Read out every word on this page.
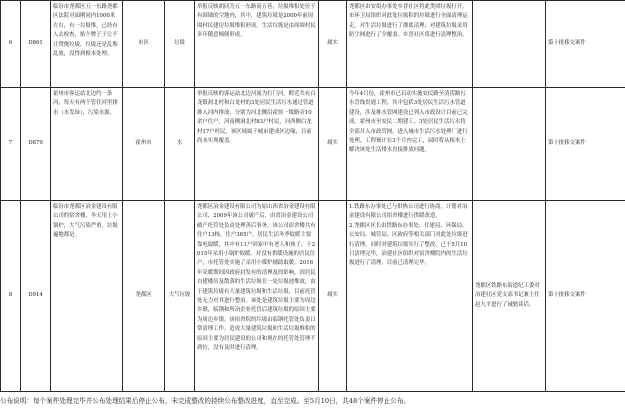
6	D861	临汾市尧都区五一东路尧都区法院对面刚同内1000米左右，有一垃圾堆，已经有人去检查，贴个牌子子让不让焚烧垃圾，垃圾还是乱堆乱放，没得到根本处理。	市区	垃圾	举报反映胡同为五一东路南五巷，垃圾堆积处位于有围墙的空地内，其中，建筑垃圾是2000年前周围村民建房垃圾堆积形成，生活垃圾是由周围村民多年随意倾倒形成。	属实	尧都区由安街办事处乡晋社区将此类团垃圾打开，市环卫局组织对此处垃圾积的垃圾进行全面清理运走，对生活垃圾进行了彻底清理；对建筑垃圾采用防尘网进行了全覆盖。乡晋社区将进行清理整治。		第十批移交案件
7	D879	霍州市客运站北边约一条河，每天有两个管住河里排水（水发绿），污染水源。	霍州市	水	举报反映的客运站北边河流为打门河，附近共有白龙镇洞北村和白龙村的3处居民生活污水通过管道排入河内排放，分别为河北侧沿霍侯一级路旁10余户住户，河南侧洞北村83户村民，河西侧白龙村17户村民，该区域属于城市建成区边缘，目前尚未实现覆盖。	属实	今年4月份，霍州市已启动实施安民路至清涝路污水管线贯通工程，其中包括3处居民生活污水管道建设，涉及排水管网建设已列入市政设计目前已完成。霍州市至安民二期建工，3处居民生活污水将全部并入市政管网，进入城市生活污水处理厂进行处理。工程预计在3个月内完工，届时将从根本上解决该处生活排水直接排放问题。		第十批移交案件
8	D914	临汾市尧都区冶金建设有限公司的宿舍楼，冬天用土小锅炉，大气污染严重，垃圾遍地都是。	尧都区	大气垃圾	尧都区冶金建设有限公司为原山西省冶金建设有限公司，2009年该公司破产后，由省冶金建设公司破产托管处负责处理善后事务。该公司宿舍楼共有住户13栋，住户365户。居民生活冬季取暖主要靠电取暖，其中有11户因家中有老人和孩子，于2015年采用小锅炉取暖。对没有供暖设施的居民住户，市托管处实施了采用小煤炉辅助取暖。2016年采暖期间因政府封发有的清理及的影响。因居民自建楼房及散落的生活垃圾在一处垃圾池堆放，由于建筑垃圾有大量建筑垃圾和生活垃圾，目前托管处无力对其进行整治。该处是建筑垃圾主要为周边乡镇，临钢和所冶企业托管后建筑垃圾的原因主要为周边乡镇。该宿舍院的垃圾由临钢托管处负责日常清理工作。造成大量建筑垃圾和生活垃圾堆积的原因主要为居民建设的公司和现在的托管处管理不到位，没有及时进行清理。	属实	1.铁路东办事处已与供热公司进行协商，计划对冶金建设有限公司宿舍楼进行供暖改造。
2.尧都区区长由铁路东办事处、住建局、环保局、公安局、城管局、区政府等相关部门对此处垃圾进行清理，同时对建筑垃圾实行了整改，已于5月10日清理完毕，冶建社区组织对宿舍楼院内的生活垃圾进行了清理，目前已清理完毕。	尧都区铁路东街道纪工委对冶建社区党支部书记兼主任赵九平进行了诫勉谈话。	第十批移交案件
公布说明：每个案件处理完毕并公布处理结果后停止公布，未完成整改的持续公布整改进度，直至完成。至5月10日，共48个案件停止公布。
